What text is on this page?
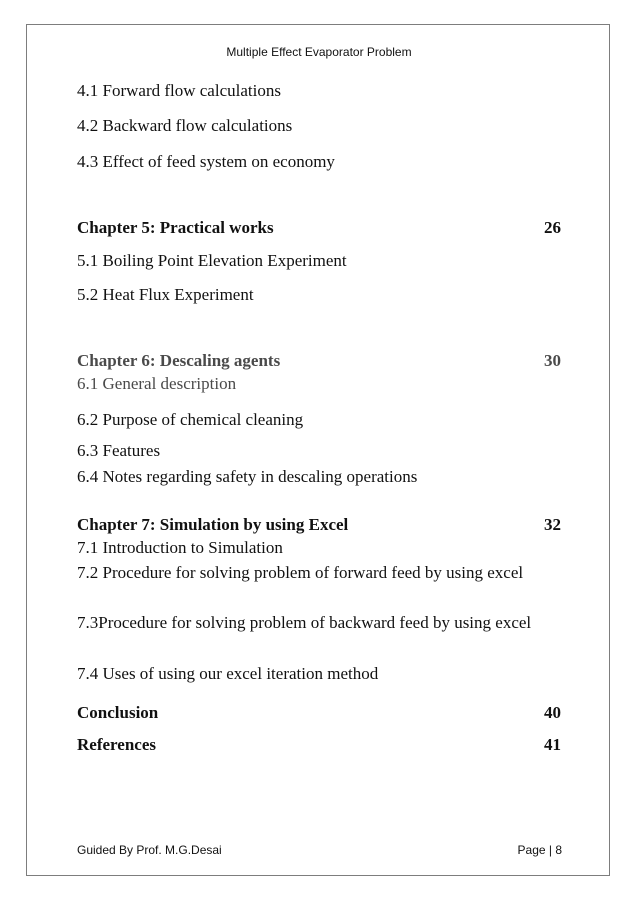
Multiple Effect Evaporator Problem
4.1 Forward flow calculations
4.2 Backward flow calculations
4.3 Effect of feed system on economy
Chapter 5: Practical works	26
5.1 Boiling Point Elevation Experiment
5.2 Heat Flux Experiment
Chapter 6: Descaling agents	30
6.1 General description
6.2 Purpose of chemical cleaning
6.3 Features
6.4 Notes regarding safety in descaling operations
Chapter 7: Simulation by using Excel	32
7.1 Introduction to Simulation
7.2 Procedure for solving problem of forward feed by using excel
7.3Procedure for solving problem of backward feed by using excel
7.4 Uses of using our excel iteration method
Conclusion	40
References	41
Guided By Prof. M.G.Desai	Page | 8
